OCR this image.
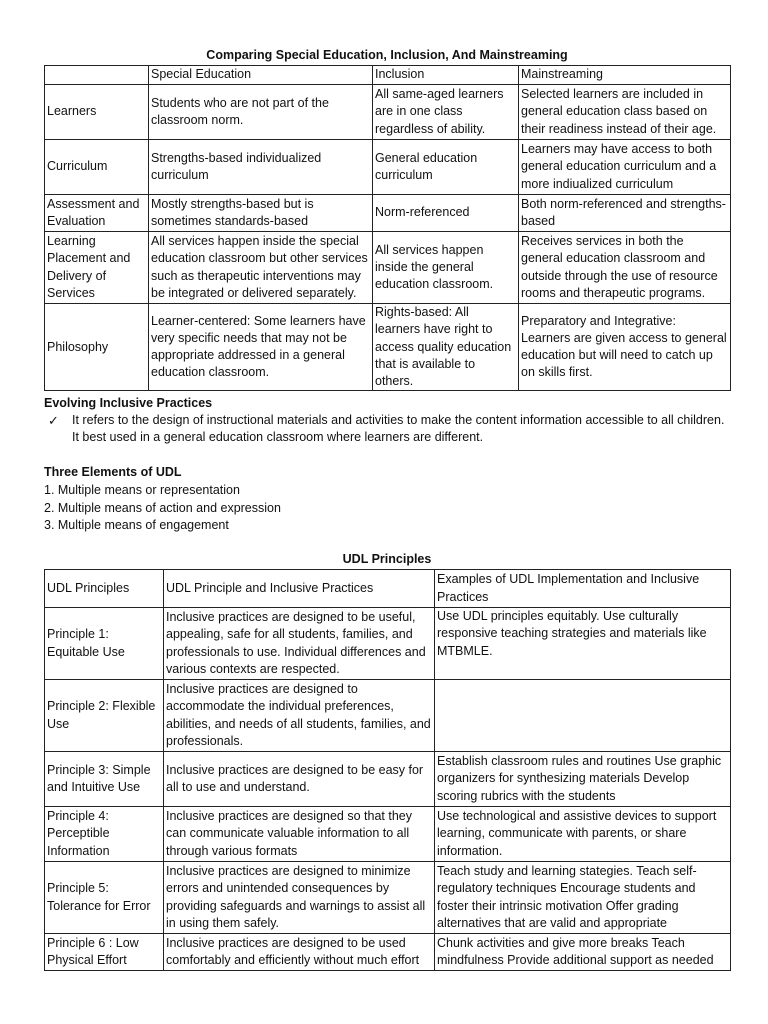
Comparing Special Education, Inclusion, And Mainstreaming
	Special Education	Inclusion	Mainstreaming
Learners	Students who are not part of the classroom norm.	All same-aged learners are in one class regardless of ability.	Selected learners are included in general education class based on their readiness instead of their age.
Curriculum	Strengths-based individualized curriculum	General education curriculum	Learners may have access to both general education curriculum and a more indiualized curriculum
Assessment and Evaluation	Mostly strengths-based but is sometimes standards-based	Norm-referenced	Both norm-referenced and strengths-based
Learning Placement and Delivery of Services	All services happen inside the special education classroom but other services such as therapeutic interventions may be integrated or delivered separately.	All services happen inside the general education classroom.	Receives services in both the general education classroom and outside through the use of resource rooms and therapeutic programs.
Philosophy	Learner-centered: Some learners have very specific needs that may not be appropriate addressed in a general education classroom.	Rights-based: All learners have right to access quality education that is available to others.	Preparatory and Integrative: Learners are given access to general education but will need to catch up on skills first.
Evolving Inclusive Practices
✓ It refers to the design of instructional materials and activities to make the content information accessible to all children. It best used in a general education classroom where learners are different.
Three Elements of UDL
1. Multiple means or representation
2. Multiple means of action and expression
3. Multiple means of engagement
UDL Principles
UDL Principles	UDL Principle and Inclusive Practices	Examples of UDL Implementation and Inclusive Practices
Principle 1: Equitable Use	Inclusive practices are designed to be useful, appealing, safe for all students, families, and professionals to use. Individual differences and various contexts are respected.	Use UDL principles equitably. Use culturally responsive teaching strategies and materials like MTBMLE.
Principle 2: Flexible Use	Inclusive practices are designed to accommodate the individual preferences, abilities, and needs of all students, families, and professionals.	
Principle 3: Simple and Intuitive Use	Inclusive practices are designed to be easy for all to use and understand.	Establish classroom rules and routines Use graphic organizers for synthesizing materials Develop scoring rubrics with the students
Principle 4: Perceptible Information	Inclusive practices are designed so that they can communicate valuable information to all through various formats	Use technological and assistive devices to support learning, communicate with parents, or share information.
Principle 5: Tolerance for Error	Inclusive practices are designed to minimize errors and unintended consequences by providing safeguards and warnings to assist all in using them safely.	Teach study and learning stategies. Teach self-regulatory techniques Encourage students and foster their intrinsic motivation Offer grading alternatives that are valid and appropriate
Principle 6 : Low Physical Effort	Inclusive practices are designed to be used comfortably and efficiently without much effort	Chunk activities and give more breaks Teach mindfulness Provide additional support as needed
